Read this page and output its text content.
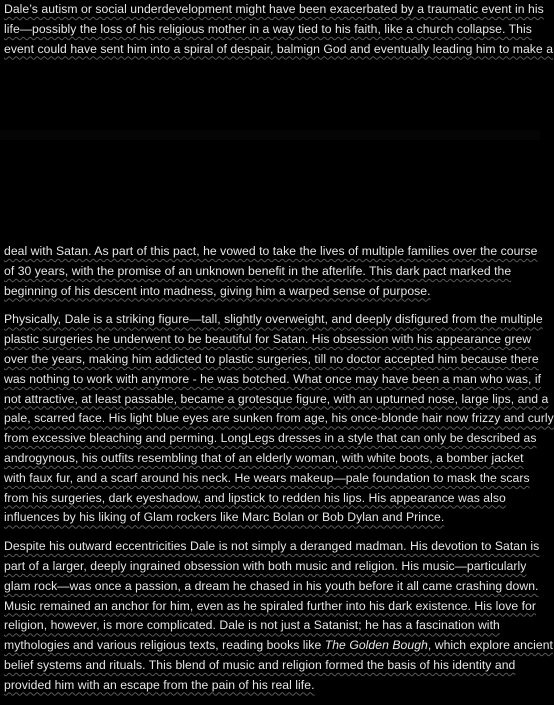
Dale’s autism or social underdevelopment might have been exacerbated by a traumatic event in his
life—possibly the loss of his religious mother in a way tied to his faith, like a church collapse. This
event could have sent him into a spiral of despair, balmign God and eventually leading him to make a
deal with Satan. As part of this pact, he vowed to take the lives of multiple families over the course
of 30 years, with the promise of an unknown benefit in the afterlife. This dark pact marked the
beginning of his descent into madness, giving him a warped sense of purpose.
Physically, Dale is a striking figure—tall, slightly overweight, and deeply disfigured from the multiple
plastic surgeries he underwent to be beautiful for Satan. His obsession with his appearance grew
over the years, making him addicted to plastic surgeries, till no doctor accepted him because there
was nothing to work with anymore - he was botched. What once may have been a man who was, if
not attractive, at least passable, became a grotesque figure, with an upturned nose, large lips, and a
pale, scarred face. His light blue eyes are sunken from age, his once-blonde hair now frizzy and curly
from excessive bleaching and perming. LongLegs dresses in a style that can only be described as
androgynous, his outfits resembling that of an elderly woman, with white boots, a bomber jacket
with faux fur, and a scarf around his neck. He wears makeup—pale foundation to mask the scars
from his surgeries, dark eyeshadow, and lipstick to redden his lips. His appearance was also
influences by his liking of Glam rockers like Marc Bolan or Bob Dylan and Prince.
Despite his outward eccentricities Dale is not simply a deranged madman. His devotion to Satan is
part of a larger, deeply ingrained obsession with both music and religion. His music—particularly
glam rock—was once a passion, a dream he chased in his youth before it all came crashing down.
Music remained an anchor for him, even as he spiraled further into his dark existence. His love for
religion, however, is more complicated. Dale is not just a Satanist; he has a fascination with
mythologies and various religious texts, reading books like The Golden Bough, which explore ancient
belief systems and rituals. This blend of music and religion formed the basis of his identity and
provided him with an escape from the pain of his real life.
